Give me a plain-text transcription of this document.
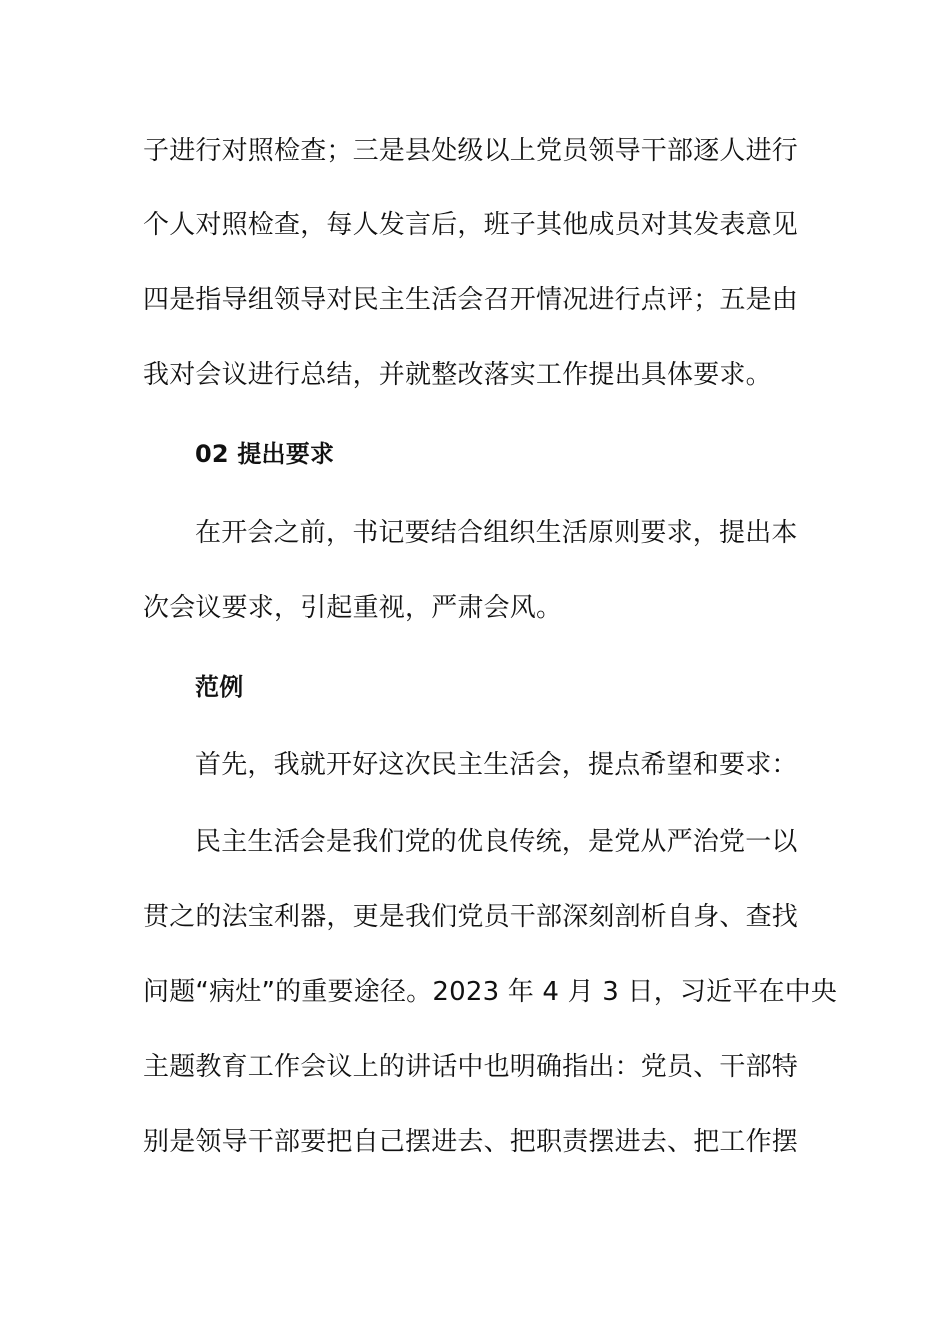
子进行对照检查；三是县处级以上党员领导干部逐人进行
个人对照检查，每人发言后，班子其他成员对其发表意见
四是指导组领导对民主生活会召开情况进行点评；五是由
我对会议进行总结，并就整改落实工作提出具体要求。
02 提出要求
在开会之前，书记要结合组织生活原则要求，提出本
次会议要求，引起重视，严肃会风。
范例
首先，我就开好这次民主生活会，提点希望和要求：
民主生活会是我们党的优良传统，是党从严治党一以
贯之的法宝利器，更是我们党员干部深刻剖析自身、查找
问题“病灶”的重要途径。2023 年 4 月 3 日，习近平在中央
主题教育工作会议上的讲话中也明确指出：党员、干部特
别是领导干部要把自己摆进去、把职责摆进去、把工作摆
